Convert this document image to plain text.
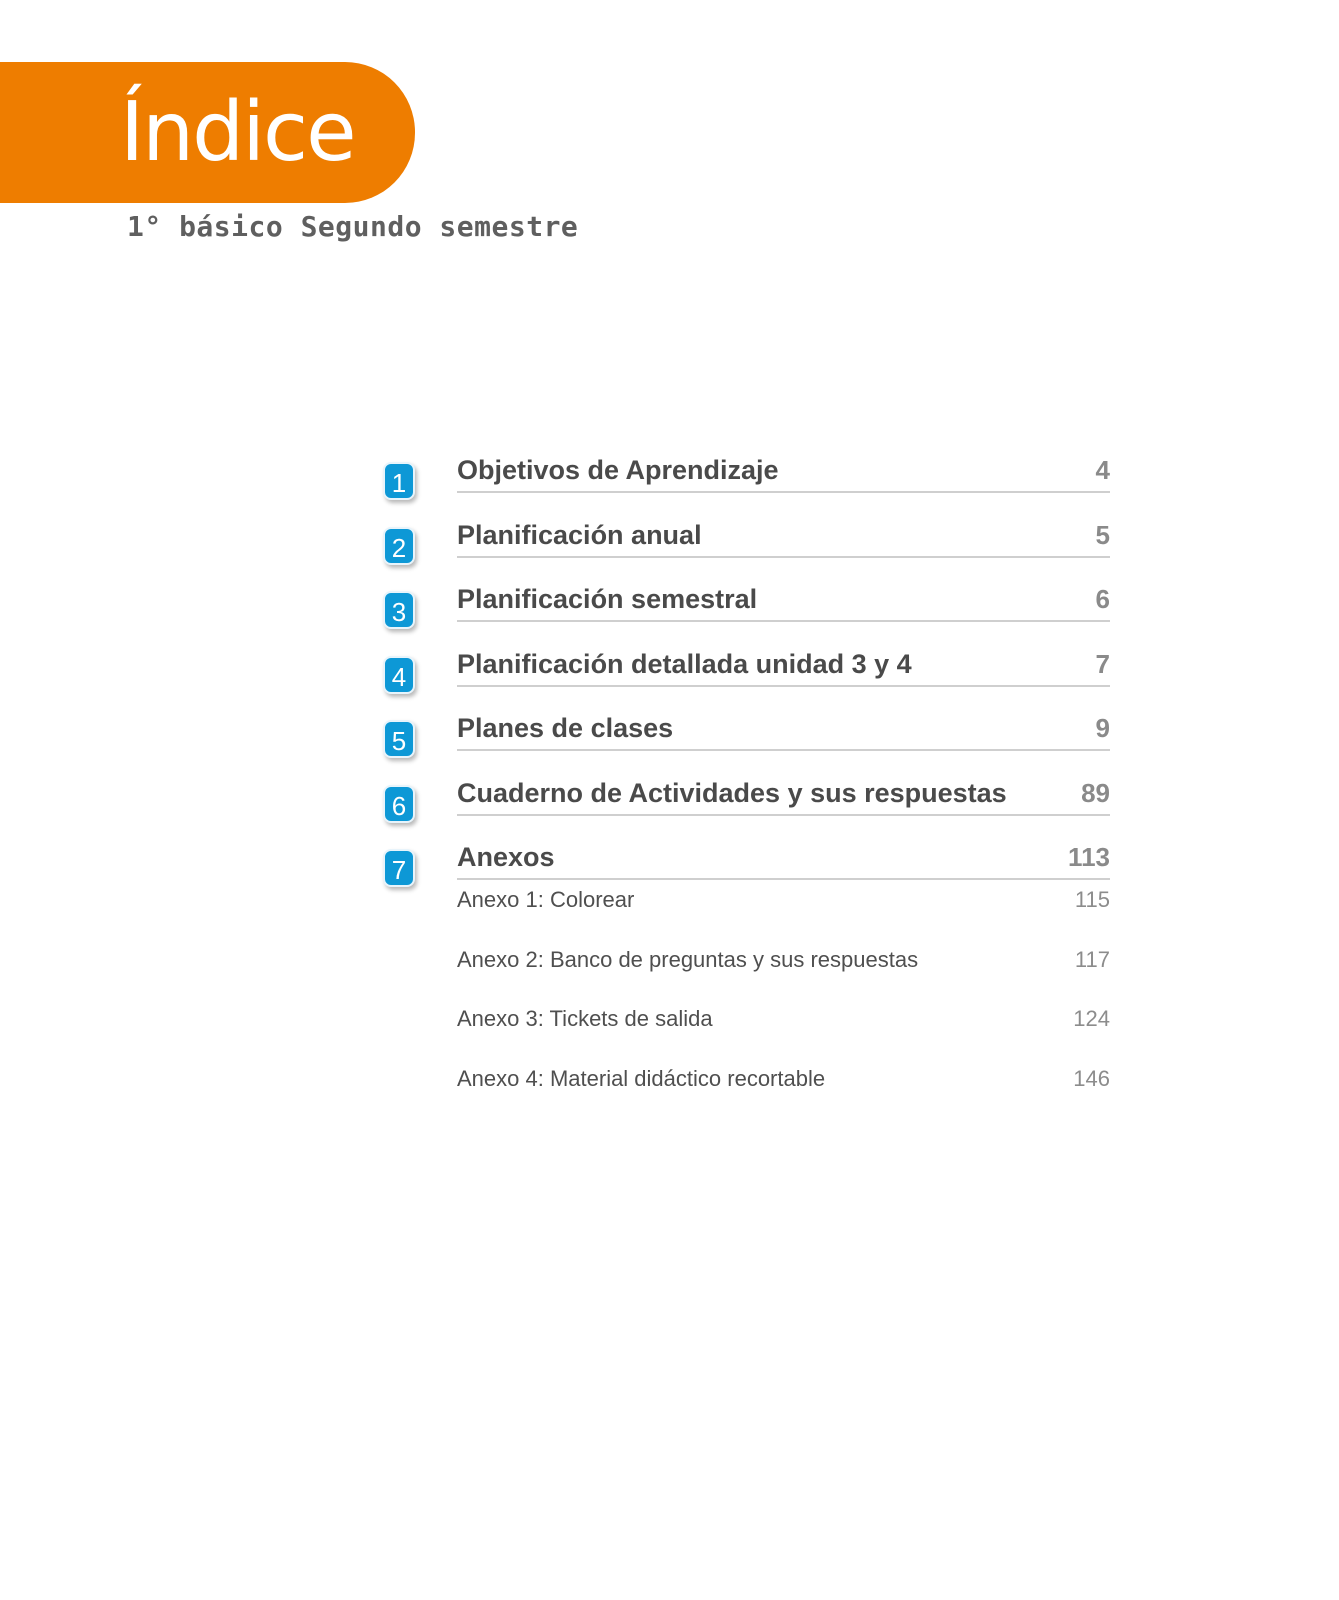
Índice
1° básico Segundo semestre
1	Objetivos de Aprendizaje	4
2	Planificación anual	5
3	Planificación semestral	6
4	Planificación detallada unidad 3 y 4	7
5	Planes de clases	9
6	Cuaderno de Actividades y sus respuestas	89
7	Anexos	113
Anexo 1: Colorear	115
Anexo 2: Banco de preguntas y sus respuestas	117
Anexo 3: Tickets de salida	124
Anexo 4: Material didáctico recortable	146
